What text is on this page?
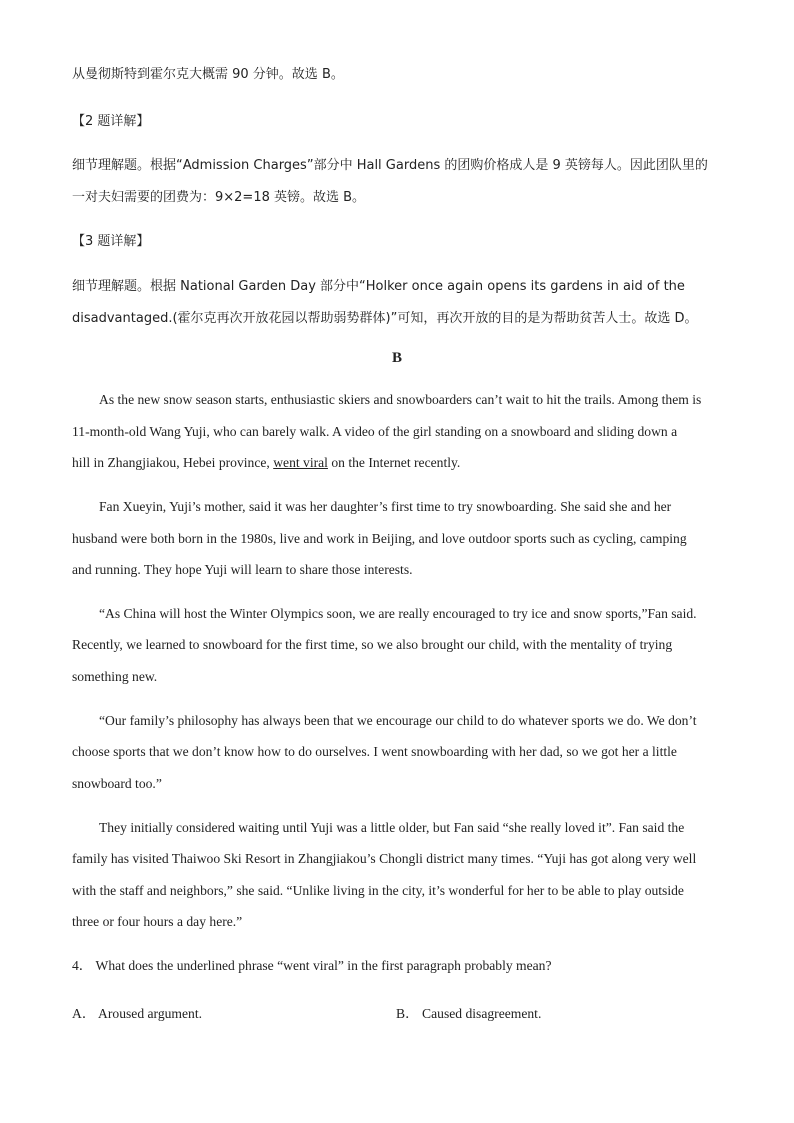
从曼彻斯特到霍尔克大概需 90 分钟。故选 B。
【2 题详解】
细节理解题。根据“Admission Charges”部分中 Hall Gardens 的团购价格成人是 9 英镑每人。因此团队里的
一对夫妇需要的团费为：9×2=18 英镑。故选 B。
【3 题详解】
细节理解题。根据 National Garden Day 部分中“Holker once again opens its gardens in aid of the
disadvantaged.(霍尔克再次开放花园以帮助弱势群体)”可知，再次开放的目的是为帮助贫苦人士。故选 D。
B
As the new snow season starts, enthusiastic skiers and snowboarders can’t wait to hit the trails. Among them is
11-month-old Wang Yuji, who can barely walk. A video of the girl standing on a snowboard and sliding down a
hill in Zhangjiakou, Hebei province, went viral on the Internet recently.
Fan Xueyin, Yuji’s mother, said it was her daughter’s first time to try snowboarding. She said she and her
husband were both born in the 1980s, live and work in Beijing, and love outdoor sports such as cycling, camping
and running. They hope Yuji will learn to share those interests.
“As China will host the Winter Olympics soon, we are really encouraged to try ice and snow sports,”Fan said.
Recently, we learned to snowboard for the first time, so we also brought our child, with the mentality of trying
something new.
“Our family’s philosophy has always been that we encourage our child to do whatever sports we do. We don’t
choose sports that we don’t know how to do ourselves. I went snowboarding with her dad, so we got her a little
snowboard too.”
They initially considered waiting until Yuji was a little older, but Fan said “she really loved it”. Fan said the
family has visited Thaiwoo Ski Resort in Zhangjiakou’s Chongli district many times. “Yuji has got along very well
with the staff and neighbors,” she said. “Unlike living in the city, it’s wonderful for her to be able to play outside
three or four hours a day here.”
4． What does the underlined phrase “went viral” in the first paragraph probably mean?
A． Aroused argument.	B． Caused disagreement.
